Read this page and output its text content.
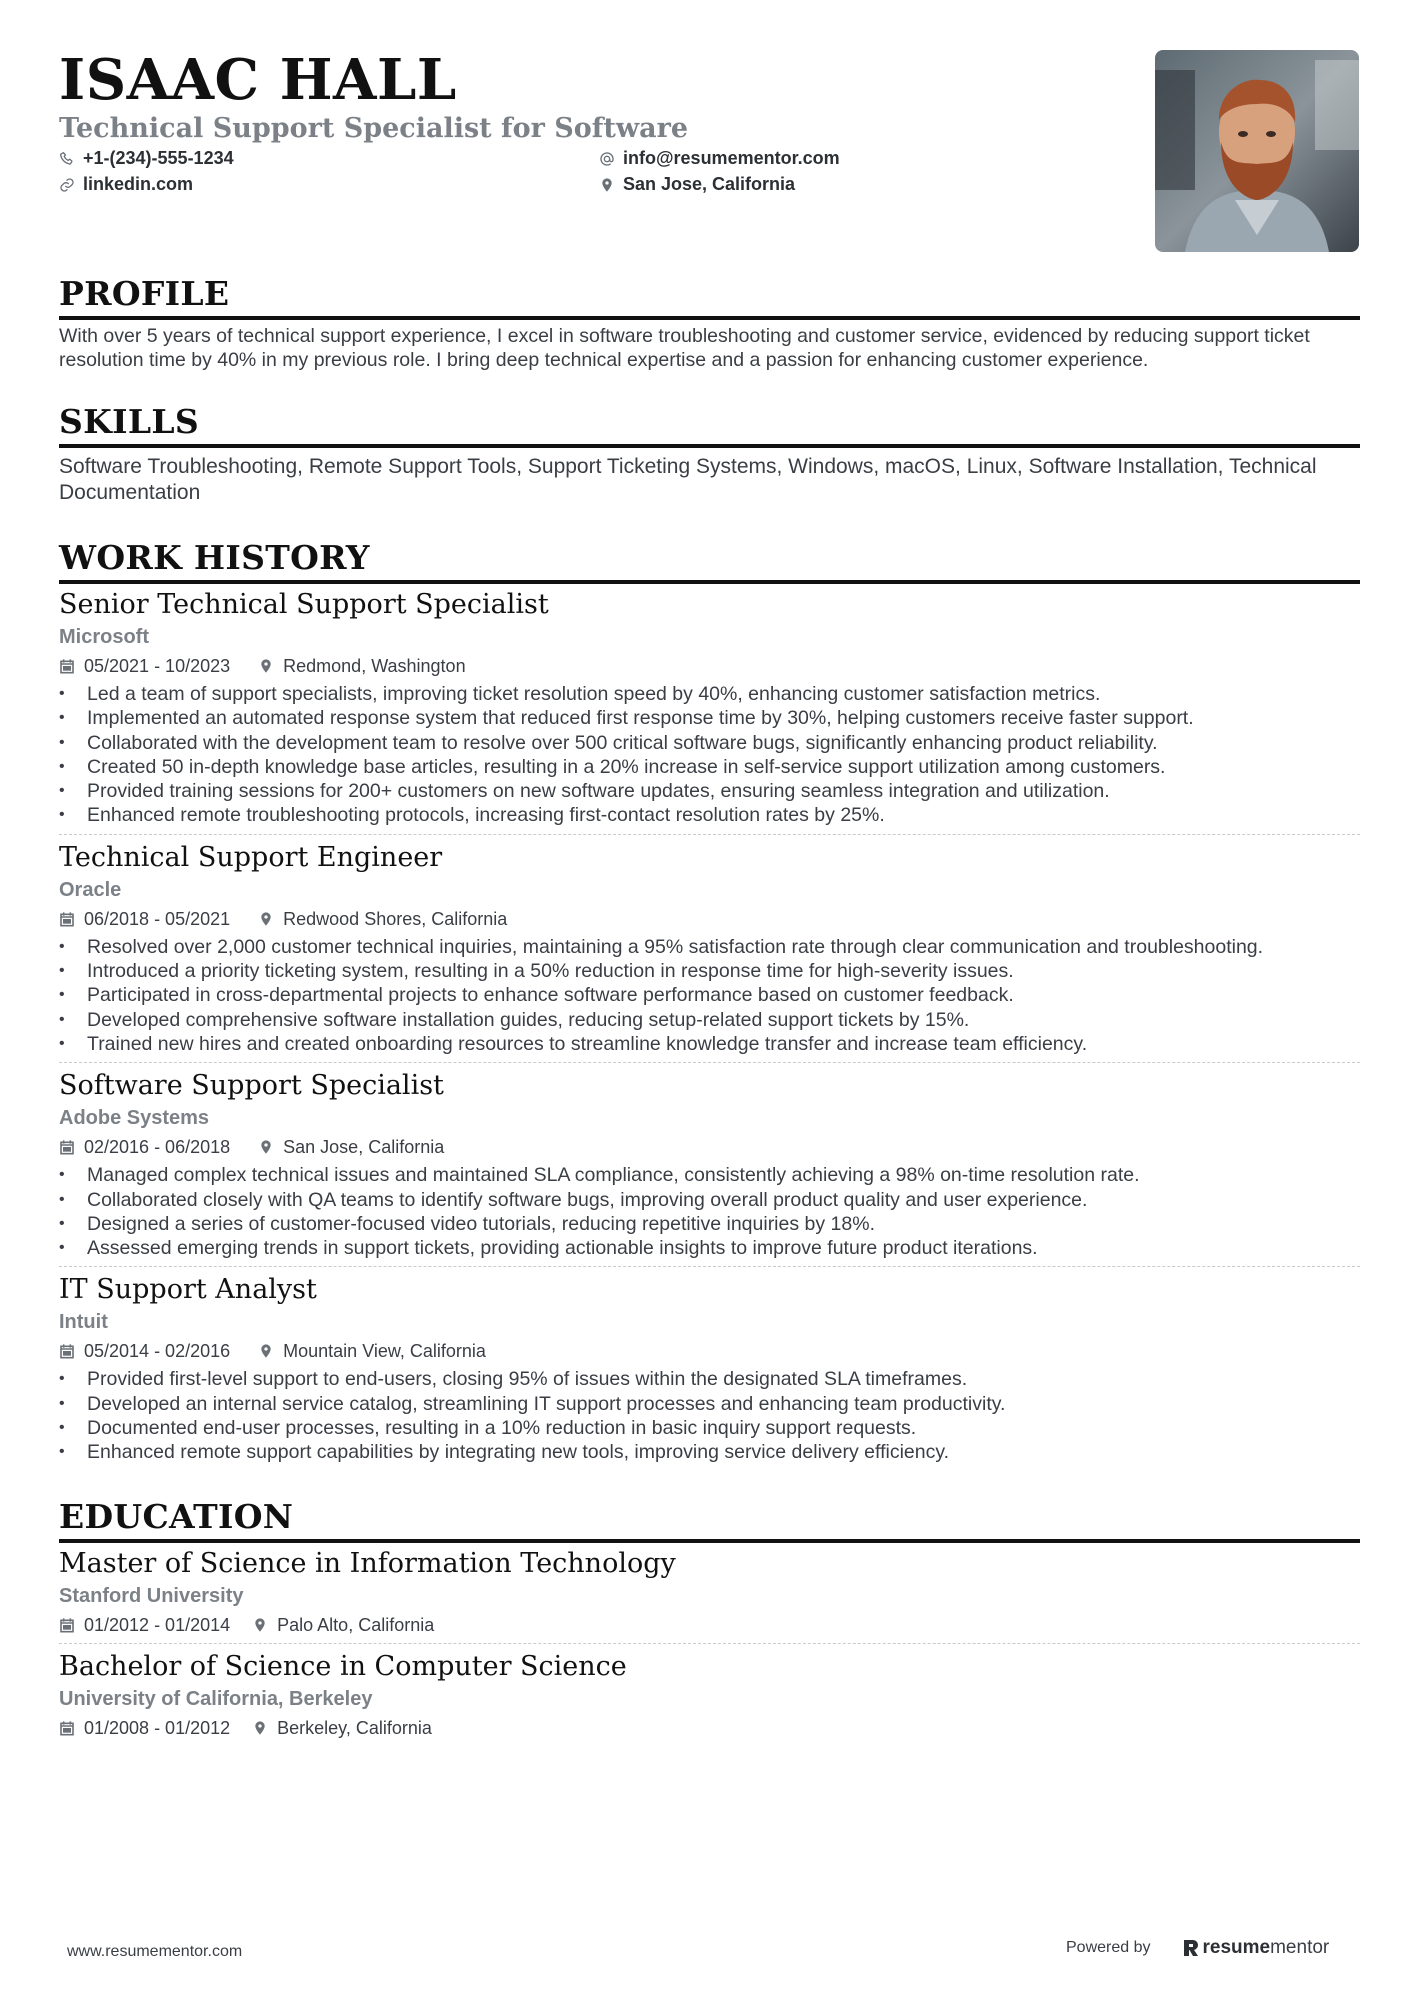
ISAAC HALL
Technical Support Specialist for Software
+1-(234)-555-1234	info@resumementor.com
linkedin.com	San Jose, California
PROFILE

With over 5 years of technical support experience, I excel in software troubleshooting and customer service, evidenced by reducing support ticket resolution time by 40% in my previous role. I bring deep technical expertise and a passion for enhancing customer experience.

SKILLS

Software Troubleshooting, Remote Support Tools, Support Ticketing Systems, Windows, macOS, Linux, Software Installation, Technical Documentation

WORK HISTORY
Senior Technical Support Specialist
Microsoft
05/2021 - 10/2023	Redmond, Washington
• Led a team of support specialists, improving ticket resolution speed by 40%, enhancing customer satisfaction metrics.
• Implemented an automated response system that reduced first response time by 30%, helping customers receive faster support.
• Collaborated with the development team to resolve over 500 critical software bugs, significantly enhancing product reliability.
• Created 50 in-depth knowledge base articles, resulting in a 20% increase in self-service support utilization among customers.
• Provided training sessions for 200+ customers on new software updates, ensuring seamless integration and utilization.
• Enhanced remote troubleshooting protocols, increasing first-contact resolution rates by 25%.
Technical Support Engineer
Oracle
06/2018 - 05/2021	Redwood Shores, California
• Resolved over 2,000 customer technical inquiries, maintaining a 95% satisfaction rate through clear communication and troubleshooting.
• Introduced a priority ticketing system, resulting in a 50% reduction in response time for high-severity issues.
• Participated in cross-departmental projects to enhance software performance based on customer feedback.
• Developed comprehensive software installation guides, reducing setup-related support tickets by 15%.
• Trained new hires and created onboarding resources to streamline knowledge transfer and increase team efficiency.
Software Support Specialist
Adobe Systems
02/2016 - 06/2018	San Jose, California
• Managed complex technical issues and maintained SLA compliance, consistently achieving a 98% on-time resolution rate.
• Collaborated closely with QA teams to identify software bugs, improving overall product quality and user experience.
• Designed a series of customer-focused video tutorials, reducing repetitive inquiries by 18%.
• Assessed emerging trends in support tickets, providing actionable insights to improve future product iterations.
IT Support Analyst
Intuit
05/2014 - 02/2016	Mountain View, California
• Provided first-level support to end-users, closing 95% of issues within the designated SLA timeframes.
• Developed an internal service catalog, streamlining IT support processes and enhancing team productivity.
• Documented end-user processes, resulting in a 10% reduction in basic inquiry support requests.
• Enhanced remote support capabilities by integrating new tools, improving service delivery efficiency.
EDUCATION
Master of Science in Information Technology
Stanford University
01/2012 - 01/2014	Palo Alto, California
Bachelor of Science in Computer Science
University of California, Berkeley
01/2008 - 01/2012	Berkeley, California
www.resumementor.com	Powered by	resume mentor
